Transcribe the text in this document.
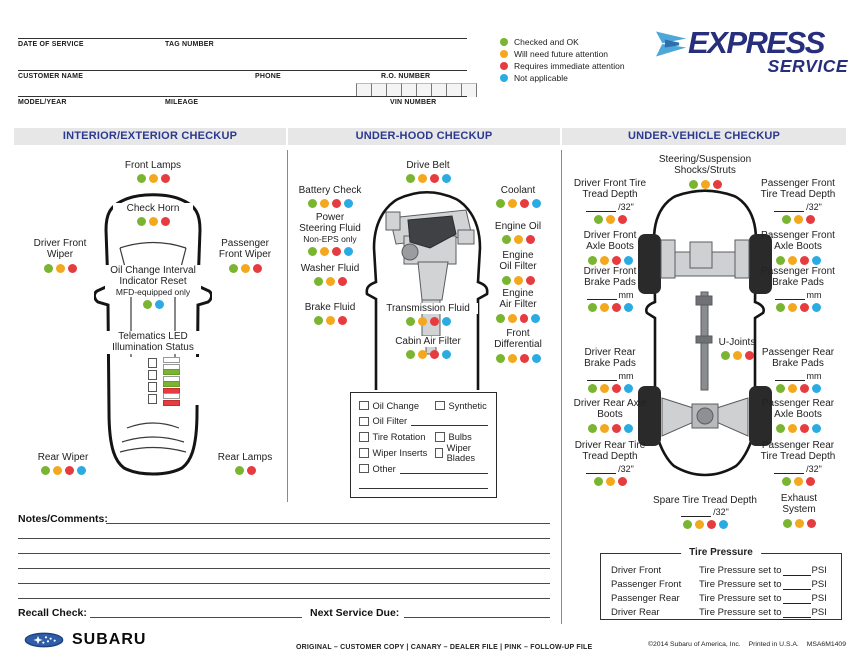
DATE OF SERVICE	TAG NUMBER
CUSTOMER NAME	PHONE	R.O. NUMBER
MODEL/YEAR	MILEAGE	VIN NUMBER
Checked and OK
Will need future attention
Requires immediate attention
Not applicable
EXPRESS
SERVICE
INTERIOR/EXTERIOR CHECKUP	UNDER-HOOD CHECKUP	UNDER-VEHICLE CHECKUP
Front Lamps
Check Horn
Driver Front Wiper
Passenger Front Wiper
Oil Change Interval Indicator Reset
MFD-equipped only
Telematics LED Illumination Status
Rear Wiper	Rear Lamps
Drive Belt
Battery Check	Coolant
Power Steering Fluid
Non-EPS only
Engine Oil
Washer Fluid
Engine Oil Filter
Brake Fluid
Engine Air Filter
Transmission Fluid
Cabin Air Filter
Front Differential
Oil Change	Synthetic
Oil Filter
Tire Rotation Bulbs
Wiper Inserts Wiper Blades
Other
Steering/Suspension Shocks/Struts
Driver Front Tire Tread Depth
/32"
Passenger Front Tire Tread Depth
/32"
Driver Front Axle Boots
Passenger Front Axle Boots
Driver Front Brake Pads
mm
Passenger Front Brake Pads
mm
U-Joints
Driver Rear Brake Pads
mm
Passenger Rear Brake Pads
mm
Driver Rear Axle Boots
Passenger Rear Axle Boots
Driver Rear Tire Tread Depth
/32"
Passenger Rear Tire Tread Depth
/32"
Spare Tire Tread Depth
/32"
Exhaust System
Notes/Comments:
Recall Check:	Next Service Due:
Tire Pressure
Driver Front	Tire Pressure set to	PSI
Passenger Front	Tire Pressure set to	PSI
Passenger Rear	Tire Pressure set to	PSI
Driver Rear	Tire Pressure set to	PSI
SUBARU	ORIGINAL – CUSTOMER COPY | CANARY – DEALER FILE | PINK – FOLLOW-UP FILE	©2014 Subaru of America, Inc. Printed in U.S.A. MSA6M1409
